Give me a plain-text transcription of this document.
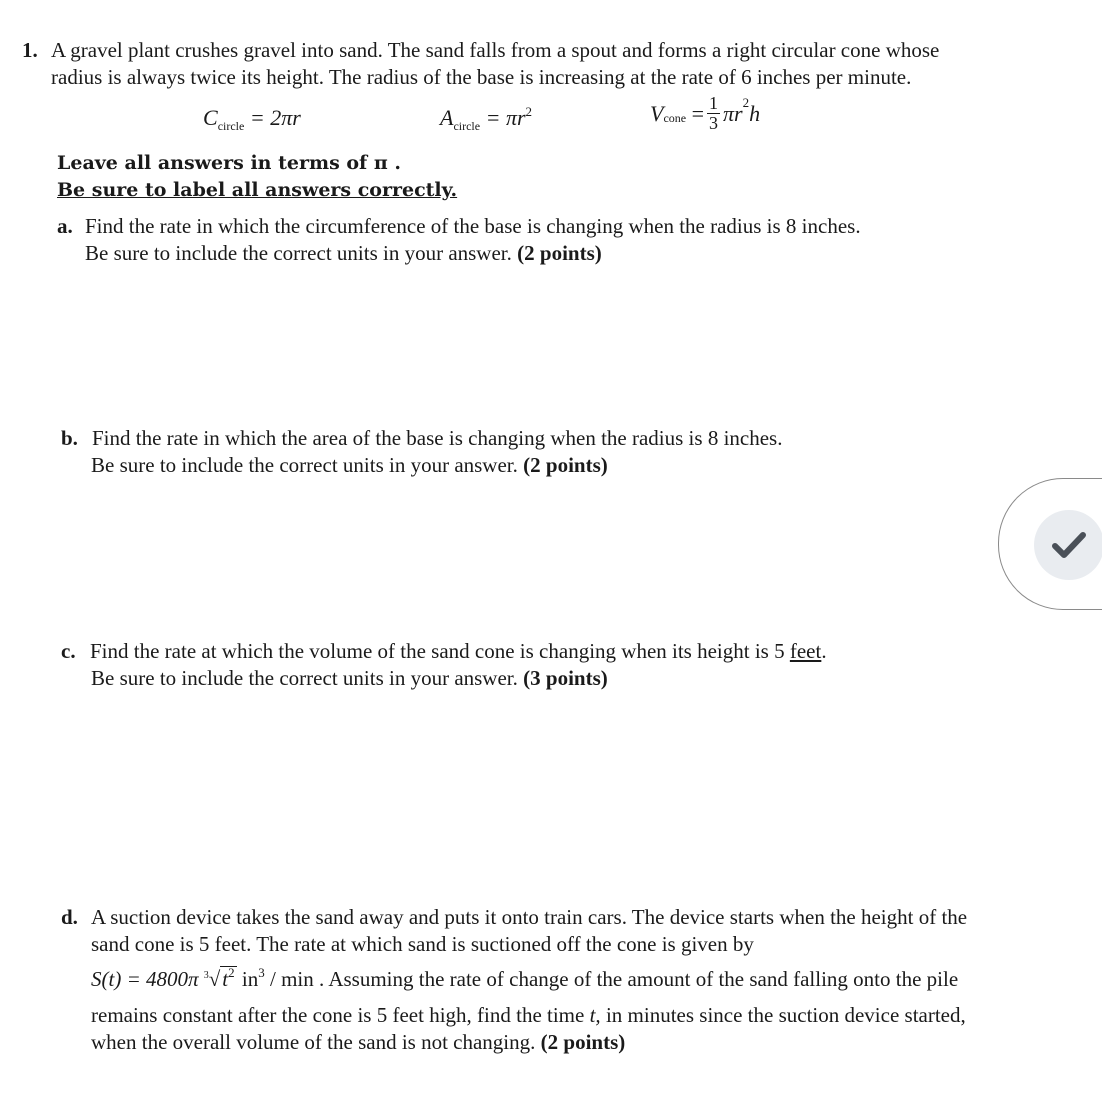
1. A gravel plant crushes gravel into sand. The sand falls from a spout and forms a right circular cone whose
radius is always twice its height. The radius of the base is increasing at the rate of 6 inches per minute.
$C_{circle} = 2\pi r$	$A_{circle} = \pi r^2$	$V_{cone} = \frac{1}{3} \pi r^2h$
Leave all answers in terms of π .
Be sure to label all answers correctly.
a. Find the rate in which the circumference of the base is changing when the radius is 8 inches.
Be sure to include the correct units in your answer. (2 points)
b. Find the rate in which the area of the base is changing when the radius is 8 inches.
Be sure to include the correct units in your answer. (2 points)
c. Find the rate at which the volume of the sand cone is changing when its height is 5 feet.
Be sure to include the correct units in your answer. (3 points)
d. A suction device takes the sand away and puts it onto train cars. The device starts when the height of the
sand cone is 5 feet. The rate at which sand is suctioned off the cone is given by
S(t) = 4800π $^3√t^2$ $in^3$ / min . Assuming the rate of change of the amount of the sand falling onto the pile
remains constant after the cone is 5 feet high, find the time t, in minutes since the suction device started,
when the overall volume of the sand is not changing. (2 points)
